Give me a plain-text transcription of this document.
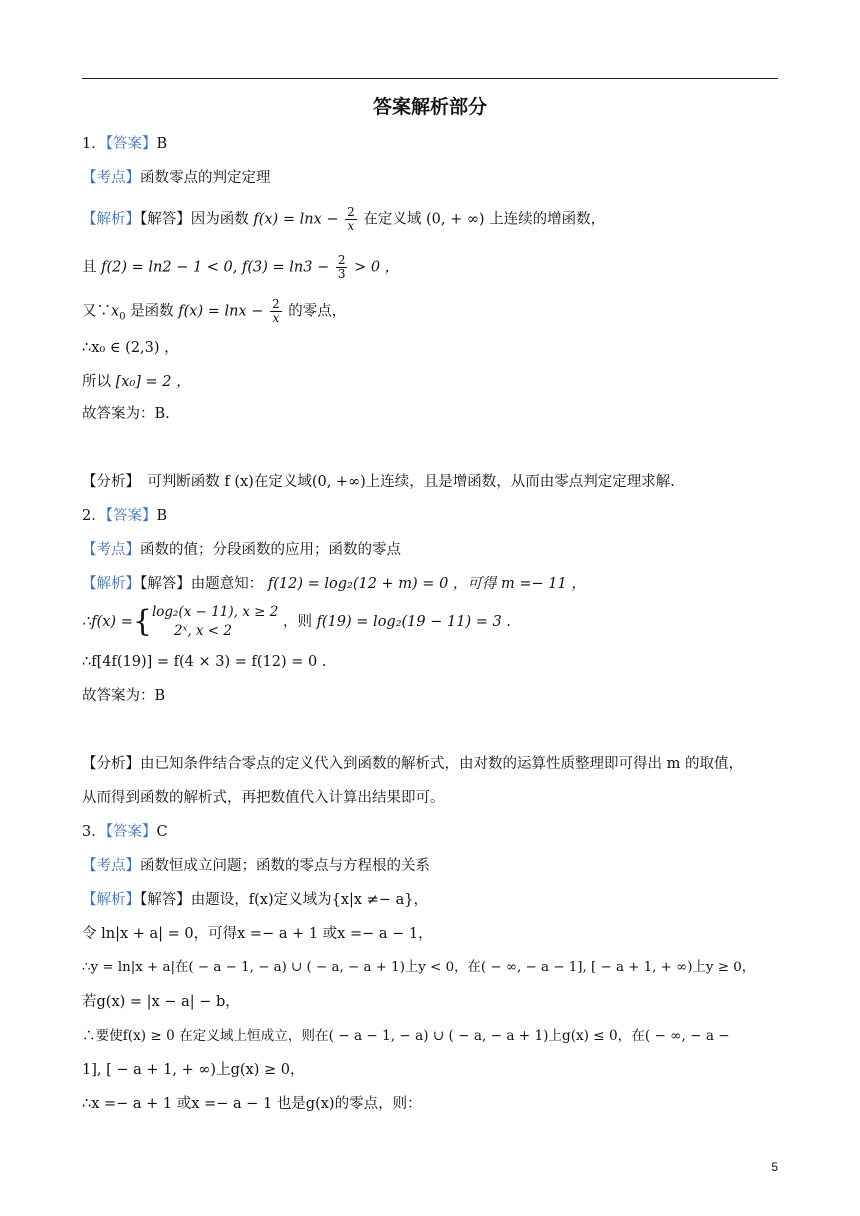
答案解析部分
1．【答案】B
【考点】函数零点的判定定理
【解析】【解答】因为函数 $f(x) = \ln x - \frac{2}{x}$ 在定义域 (0, + ∞) 上连续的增函数，
且 f(2) = ln2 − 1 < 0, $f(3) = \ln 3 - \frac{2}{3} > 0$ ，
又$\because x_0$ 是函数 $f(x) = \ln x - \frac{2}{x}$ 的零点，
∴x₀ ∈ (2,3) ，
所以 [x₀] = 2 ，
故答案为：B.
【分析】　 可判断函数 f (x)在定义域(0, +∞)上连续，且是增函数，从而由零点判定定理求解.
2．【答案】B
【考点】函数的值；分段函数的应用；函数的零点
【解析】【解答】由题意知： f(12) = log₂(12 + m) = 0 ，可得 m =− 11 ，
∴f(x) ={ log₂(x − 11), x ≥ 2
2ˣ, x < 2
，则 f(19) = log₂(19 − 11) = 3 .
∴f[4f(19)] = f(4 × 3) = f(12) = 0 .
故答案为：B
【分析】由已知条件结合零点的定义代入到函数的解析式，由对数的运算性质整理即可得出 m 的取值，
从而得到函数的解析式，再把数值代入计算出结果即可。
3．【答案】C
【考点】函数恒成立问题；函数的零点与方程根的关系
【解析】【解答】由题设，f(x)定义域为{x|x ≠− a}，
令 ln|x + a| = 0，可得x =− a + 1 或x =− a − 1，
∴y = ln|x + a|在( − a − 1, − a) ∪ ( − a, − a + 1)上y < 0，在( − ∞, − a − 1], [ − a + 1, + ∞)上y ≥ 0，
若g(x) = |x − a| − b，
∴要使f(x) ≥ 0 在定义域上恒成立，则在( − a − 1, − a) ∪ ( − a, − a + 1)上g(x) ≤ 0，在( − ∞, − a −
1], [ − a + 1, + ∞)上g(x) ≥ 0，
∴x =− a + 1 或x =− a − 1 也是g(x)的零点，则：
5
